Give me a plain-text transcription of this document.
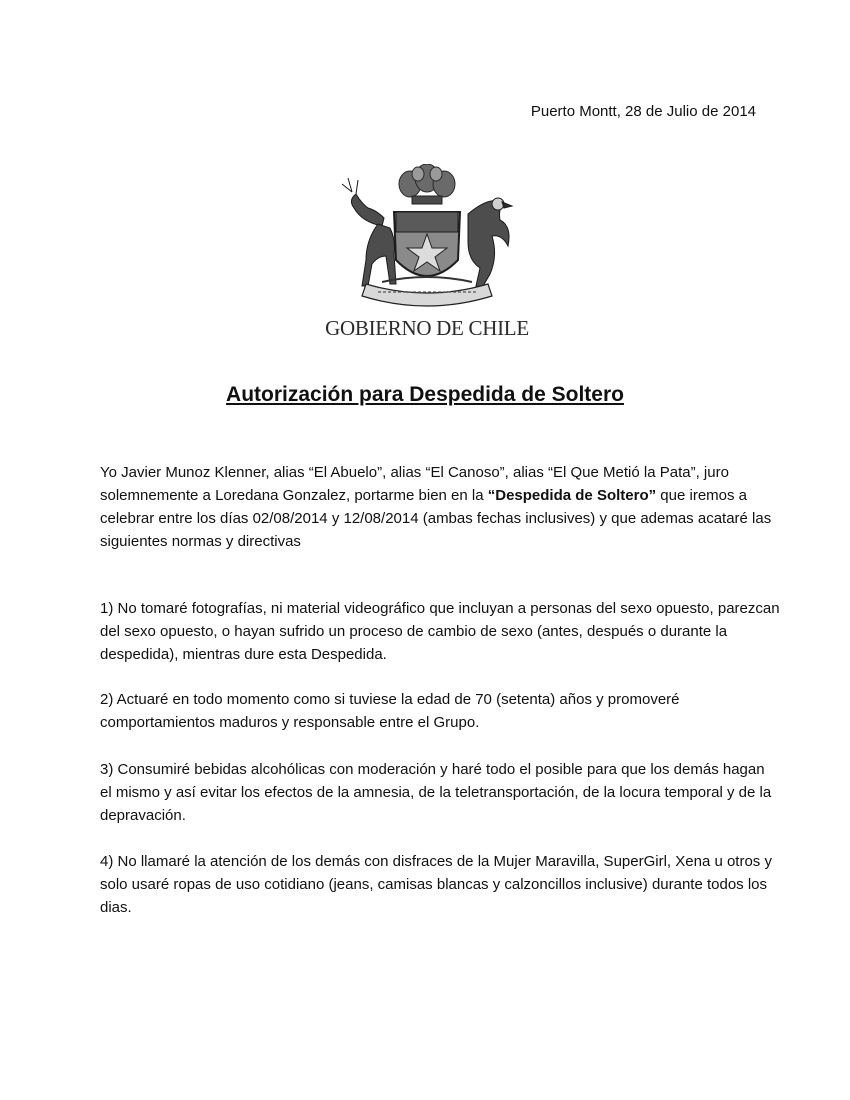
Puerto Montt, 28 de Julio de 2014
GOBIERNO DE CHILE
Autorización para Despedida de Soltero

Yo Javier Munoz Klenner, alias “El Abuelo”, alias “El Canoso”, alias “El Que Metió la Pata”, juro solemnemente a Loredana Gonzalez, portarme bien en la “Despedida de Soltero” que iremos a celebrar entre los días 02/08/2014 y 12/08/2014 (ambas fechas inclusives) y que ademas acataré las siguientes normas y directivas

1) No tomaré fotografías, ni material videográfico que incluyan a personas del sexo opuesto, parezcan del sexo opuesto, o hayan sufrido un proceso de cambio de sexo (antes, después o durante la despedida), mientras dure esta Despedida.

2) Actuaré en todo momento como si tuviese la edad de 70 (setenta) años y promoveré comportamientos maduros y responsable entre el Grupo.

3) Consumiré bebidas alcohólicas con moderación y haré todo el posible para que los demás hagan el mismo y así evitar los efectos de la amnesia, de la teletransportación, de la locura temporal y de la depravación.

4) No llamaré la atención de los demás con disfraces de la Mujer Maravilla, SuperGirl, Xena u otros y solo usaré ropas de uso cotidiano (jeans, camisas blancas y calzoncillos inclusive) durante todos los dias.
